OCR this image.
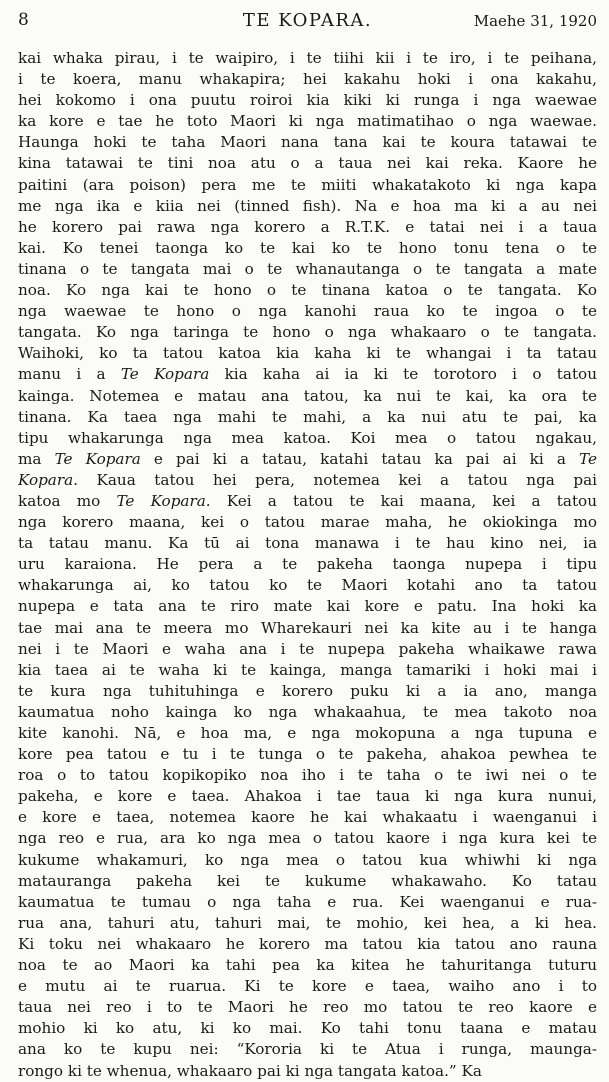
8	TE KOPARA.	Maehe 31, 1920
kai whaka pirau, i te waipiro, i te tiihi kii i te iro, i te peihana,
i te koera, manu whakapira; hei kakahu hoki i ona kakahu,
hei kokomo i ona puutu roiroi kia kiki ki runga i nga waewae
ka kore e tae he toto Maori ki nga matimatihao o nga waewae.
Haunga hoki te taha Maori nana tana kai te koura tatawai te
kina tatawai te tini noa atu o a taua nei kai reka. Kaore he
paitini (ara poison) pera me te miiti whakatakoto ki nga kapa
me nga ika e kiia nei (tinned fish). Na e hoa ma ki a au nei
he korero pai rawa nga korero a R.T.K. e tatai nei i a taua
kai. Ko tenei taonga ko te kai ko te hono tonu tena o te
tinana o te tangata mai o te whanautanga o te tangata a mate
noa. Ko nga kai te hono o te tinana katoa o te tangata. Ko
nga waewae te hono o nga kanohi raua ko te ingoa o te
tangata. Ko nga taringa te hono o nga whakaaro o te tangata.
Waihoki, ko ta tatou katoa kia kaha ki te whangai i ta tatau
manu i a Te Kopara kia kaha ai ia ki te torotoro i o tatou
kainga. Notemea e matau ana tatou, ka nui te kai, ka ora te
tinana. Ka taea nga mahi te mahi, a ka nui atu te pai, ka
tipu whakarunga nga mea katoa. Koi mea o tatou ngakau,
ma Te Kopara e pai ki a tatau, katahi tatau ka pai ai ki a Te
Kopara. Kaua tatou hei pera, notemea kei a tatou nga pai
katoa mo Te Kopara. Kei a tatou te kai maana, kei a tatou
nga korero maana, kei o tatou marae maha, he okiokinga mo
ta tatau manu. Ka tū ai tona manawa i te hau kino nei, ia
uru karaiona. He pera a te pakeha taonga nupepa i tipu
whakarunga ai, ko tatou ko te Maori kotahi ano ta tatou
nupepa e tata ana te riro mate kai kore e patu. Ina hoki ka
tae mai ana te meera mo Wharekauri nei ka kite au i te hanga
nei i te Maori e waha ana i te nupepa pakeha whaikawe rawa
kia taea ai te waha ki te kainga, manga tamariki i hoki mai i
te kura nga tuhituhinga e korero puku ki a ia ano, manga
kaumatua noho kainga ko nga whakaahua, te mea takoto noa
kite kanohi. Nā, e hoa ma, e nga mokopuna a nga tupuna e
kore pea tatou e tu i te tunga o te pakeha, ahakoa pewhea te
roa o to tatou kopikopiko noa iho i te taha o te iwi nei o te
pakeha, e kore e taea. Ahakoa i tae taua ki nga kura nunui,
e kore e taea, notemea kaore he kai whakaatu i waenganui i
nga reo e rua, ara ko nga mea o tatou kaore i nga kura kei te
kukume whakamuri, ko nga mea o tatou kua whiwhi ki nga
matauranga pakeha kei te kukume whakawaho. Ko tatau
kaumatua te tumau o nga taha e rua. Kei waenganui e rua-
rua ana, tahuri atu, tahuri mai, te mohio, kei hea, a ki hea.
Ki toku nei whakaaro he korero ma tatou kia tatou ano rauna
noa te ao Maori ka tahi pea ka kitea he tahuritanga tuturu
e mutu ai te ruarua. Ki te kore e taea, waiho ano i to
taua nei reo i to te Maori he reo mo tatou te reo kaore e
mohio ki ko atu, ki ko mai. Ko tahi tonu taana e matau
ana ko te kupu nei: “Kororia ki te Atua i runga, maunga-
rongo ki te whenua, whakaaro pai ki nga tangata katoa.” Ka
